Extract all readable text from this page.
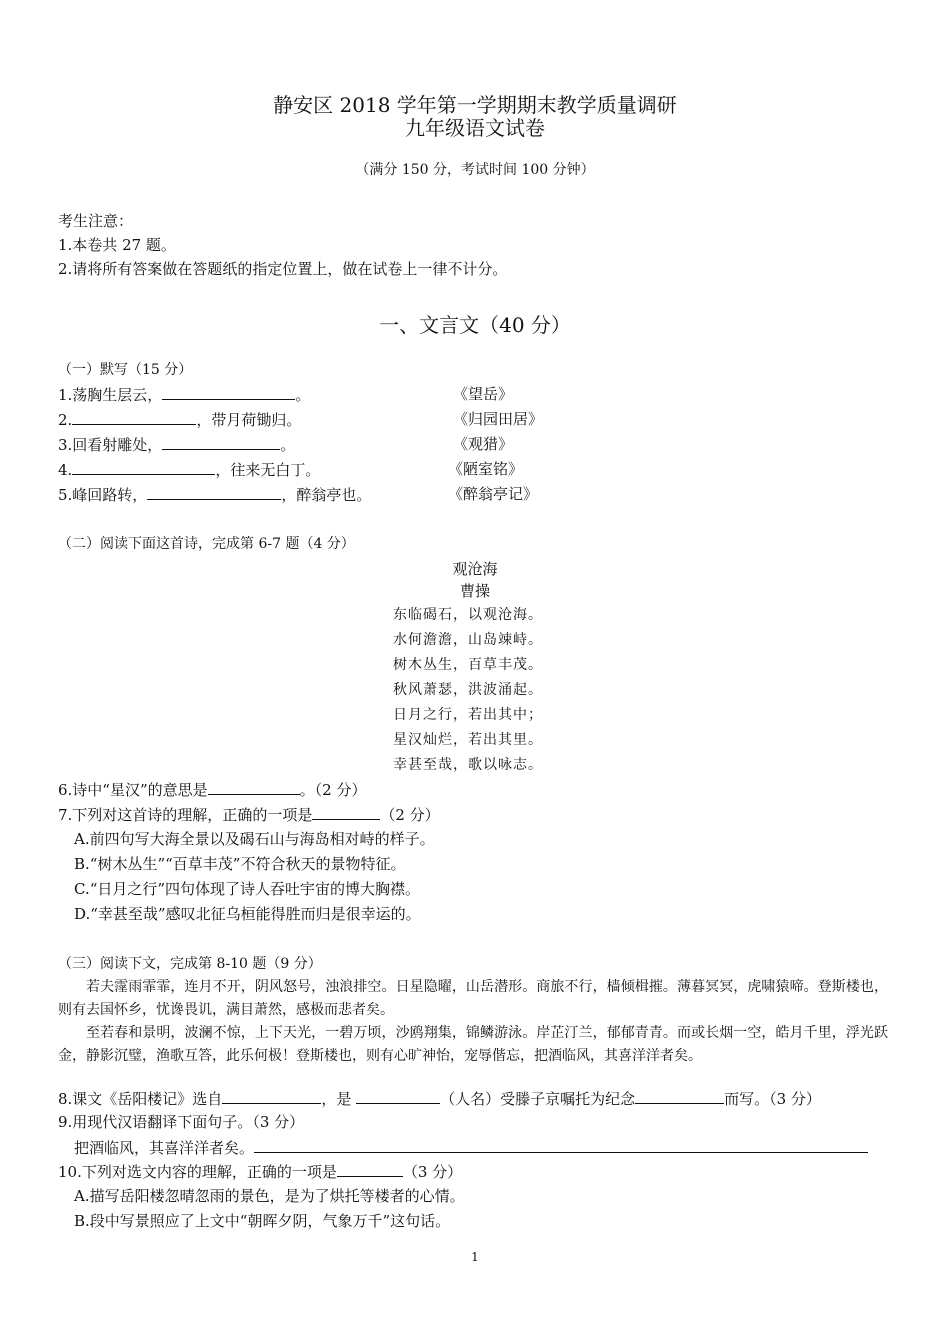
静安区 2018 学年第一学期期末教学质量调研
九年级语文试卷
（满分 150 分，考试时间 100 分钟）
考生注意：
1.本卷共 27 题。
2.请将所有答案做在答题纸的指定位置上，做在试卷上一律不计分。
一、文言文（40 分）
（一）默写（15 分）
1.荡胸生层云，	。	《望岳》
2.	，带月荷锄归。	《归园田居》
3.回看射雕处，	。	《观猎》
4.	，往来无白丁。	《陋室铭》
5.峰回路转，	，醉翁亭也。	《醉翁亭记》
（二）阅读下面这首诗，完成第 6-7 题（4 分）
观沧海
曹操
东临碣石，以观沧海。
水何澹澹，山岛竦峙。
树木丛生，百草丰茂。
秋风萧瑟，洪波涌起。
日月之行，若出其中；
星汉灿烂，若出其里。
幸甚至哉，歌以咏志。
6.诗中“星汉”的意思是	。（2 分）
7.下列对这首诗的理解，正确的一项是	（2 分）
A.前四句写大海全景以及碣石山与海岛相对峙的样子。
B.“树木丛生”“百草丰茂”不符合秋天的景物特征。
C.“日月之行”四句体现了诗人吞吐宇宙的博大胸襟。
D.“幸甚至哉”感叹北征乌桓能得胜而归是很幸运的。
（三）阅读下文，完成第 8-10 题（9 分）
若夫霪雨霏霏，连月不开，阴风怒号，浊浪排空。日星隐曜，山岳潜形。商旅不行，樯倾楫摧。薄暮冥冥，虎啸猿啼。登斯楼也，则有去国怀乡，忧谗畏讥，满目萧然，感极而悲者矣。
至若春和景明，波澜不惊，上下天光，一碧万顷，沙鸥翔集，锦鳞游泳。岸芷汀兰，郁郁青青。而或长烟一空，皓月千里，浮光跃金，静影沉璧，渔歌互答，此乐何极！登斯楼也，则有心旷神怡，宠辱偕忘，把酒临风，其喜洋洋者矣。
8.课文《岳阳楼记》选自	，是	（人名）受滕子京嘱托为纪念	而写。（3 分）
9.用现代汉语翻译下面句子。（3 分）
把酒临风，其喜洋洋者矣。
10.下列对选文内容的理解，正确的一项是	（3 分）
A.描写岳阳楼忽晴忽雨的景色，是为了烘托等楼者的心情。
B.段中写景照应了上文中“朝晖夕阴，气象万千”这句话。
1
